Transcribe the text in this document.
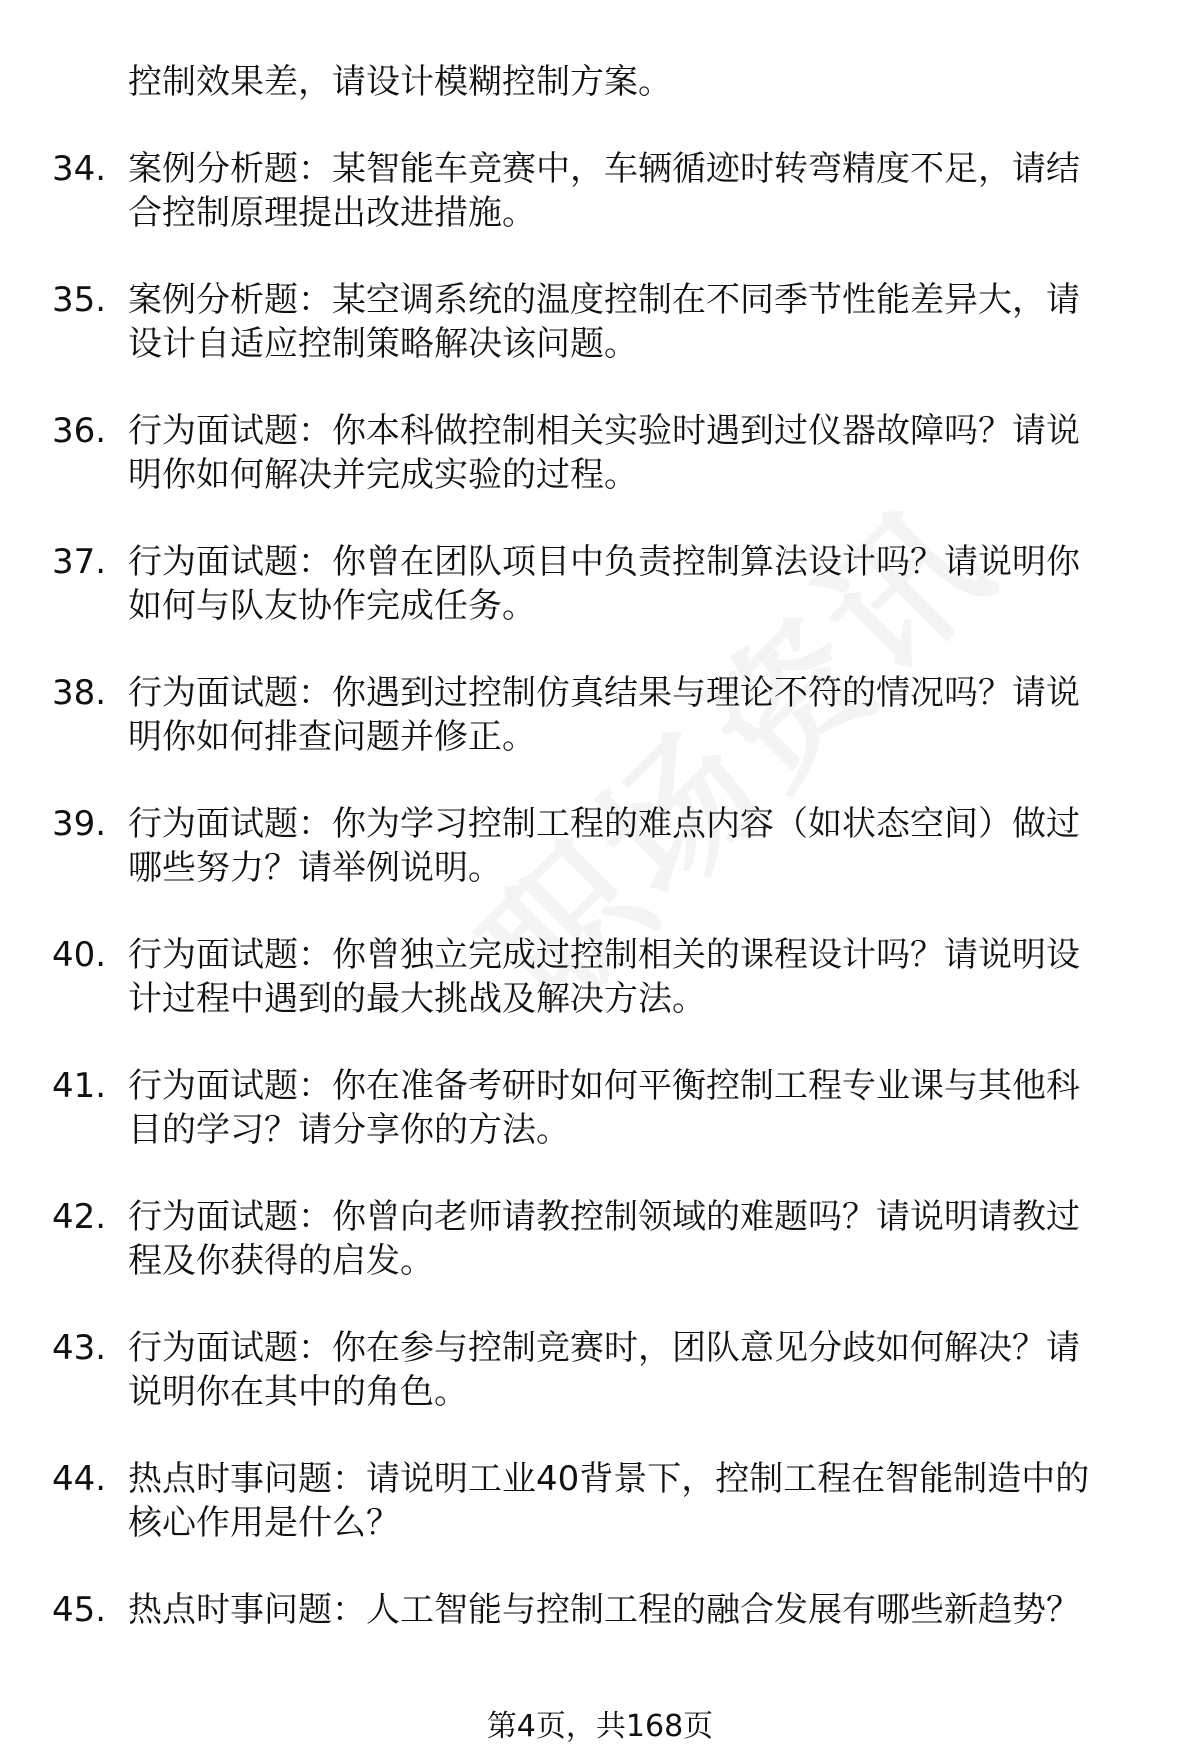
控制效果差，请设计模糊控制方案。
34. 案例分析题：某智能车竞赛中，车辆循迹时转弯精度不足，请结
合控制原理提出改进措施。
35. 案例分析题：某空调系统的温度控制在不同季节性能差异大，请
设计自适应控制策略解决该问题。
36. 行为面试题：你本科做控制相关实验时遇到过仪器故障吗？请说
明你如何解决并完成实验的过程。
37. 行为面试题：你曾在团队项目中负责控制算法设计吗？请说明你
如何与队友协作完成任务。
38. 行为面试题：你遇到过控制仿真结果与理论不符的情况吗？请说
明你如何排查问题并修正。
39. 行为面试题：你为学习控制工程的难点内容（如状态空间）做过
哪些努力？请举例说明。
40. 行为面试题：你曾独立完成过控制相关的课程设计吗？请说明设
计过程中遇到的最大挑战及解决方法。
41. 行为面试题：你在准备考研时如何平衡控制工程专业课与其他科
目的学习？请分享你的方法。
42. 行为面试题：你曾向老师请教控制领域的难题吗？请说明请教过
程及你获得的启发。
43. 行为面试题：你在参与控制竞赛时，团队意见分歧如何解决？请
说明你在其中的角色。
44. 热点时事问题：请说明工业40背景下，控制工程在智能制造中的
核心作用是什么？
45. 热点时事问题：人工智能与控制工程的融合发展有哪些新趋势？
第4页，共168页
